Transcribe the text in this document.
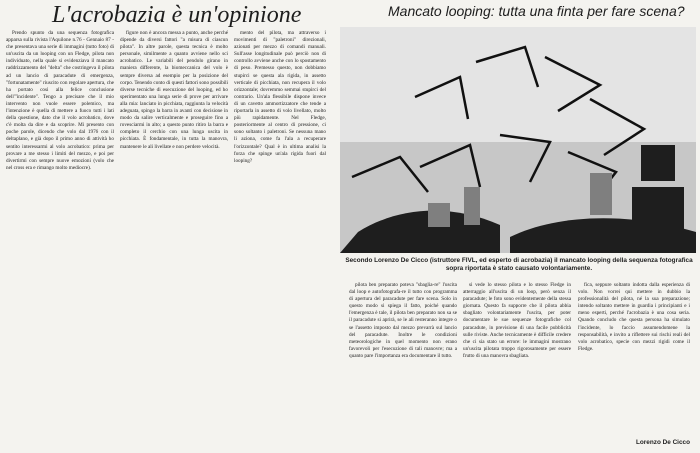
L'acrobazia è un'opinione	Mancato looping: tutta una finta per fare scena?

Prendo spunto da una sequenza fotografica apparsa sulla rivista l'Aquilone n.76 - Gennaio 87 - che presentava una serie di immagini (tutto foto) di un'uscita da un looping con un Fledge, pilota non individuato, nella quale si evidenziava il mancato raddrizzamento del "delta" che costringeva il pilota ad un lancio di paracadute di emergenza, "fortunatamente" riuscito con regolare apertura, che ha portato così alla felice conclusione dell'"incidente". Tengo a precisare che il mio intervento non vuole essere polemico, ma l'intenzione è quella di mettere a fuoco tutti i lati della questione, dato che il volo acrobatico, dove c'è molta da dire e da scoprire. Mi presento con poche parole, dicendo che volo dal 1976 con il deltaplano, e già dopo il primo anno di attività ho sentito interessarmi al volo acrobatico: prima per provare a me stesso i limiti del mezzo, e poi per divertirmi con sempre nuove emozioni (volo che nel cross era e rimango molto mediocre).

figure non è ancora messa a punto, anche perché dipende da diversi fattori "a misura di ciascun pilota". In altre parole, questa tecnica è molto personale, similmente a quanto avviene nello sci acrobatico. Le variabili del pendolo girano in maniera differente, la biomeccanica del volo è sempre diversa ad esempio per la posizione del corpo. Tenendo conto di questi fattori sono possibili diverse tecniche di esecuzione del looping, ed ho sperimentato una lunga serie di prove per arrivare alla mia: lanciato in picchiata, raggiunta la velocità adeguata, spingo la barra in avanti con decisione in modo da salire verticalmente e proseguire fino a rovesciarmi in alto; a questo punto ritiro la barra e completo il cerchio con una lunga uscita in picchiata. È fondamentale, in tutta la manovra, mantenere le ali livellate e non perdere velocità.

mento del pilota, ma attraverso i movimenti di "paletroni" direzionali, azionati per mezzo di comandi manuali. Sull'asse longitudinale può perciò non di controllo avviene anche con lo spostamento di peso. Premesso questo, non dobbiamo stupirci se questa ala rigida, in assetto verticale di picchiata, non recupera il volo orizzontale; dovremmo semmai stupirci del contrario. Un'ala flessibile dispone invece di un cavetto ammortizzatore che tende a riportarla in assetto di volo livellato, molto più rapidamente. Nel Fledge, posteriormente al centro di pressione, ci sono soltanto i paletroni. Se nessuna mano li aziona, come fa l'ala a recuperare l'orizzontale? Qual è in ultima analisi la forza che spinge un'ala rigida fuori dal looping?

Secondo Lorenzo De Cicco (istruttore FIVL, ed esperto di acrobazia) il mancato looping della sequenza fotografica sopra riportata è stato causato volontariamente.

pilota ben preparato poteva "sbaglia-re" l'uscita dal loop e autofotografa-re il tutto con programma di apertura del paracadute per fare scena. Solo in questo modo si spiega il fatto, poiché quando l'emergenza è tale, il pilota ben preparato non sa se il paracadute si aprirà, se le ali resteranno integre o se l'assetto imposto dal mezzo prevarrà sul lancio del paracadute. Inoltre le condizioni meteorologiche in quel momento non erano favorevoli per l'esecuzione di tali manovre; ma a quanto pare l'importanza era documentare il tutto.

si vede lo stesso pilota e lo stesso Fledge in atterraggio all'uscita di un loop, però senza il paracadute; le foto sono evidentemente della stessa giornata. Questo fa supporre che il pilota abbia sbagliato volontariamente l'uscita, per poter documentare le sue sequenze fotografiche col paracadute, in previsione di una facile pubblicità sulle riviste. Anche tecnicamente è difficile credere che ci sia stato un errore: le immagini mostrano un'uscita pilotata troppo rigorosamente per essere frutto di una manovra sbagliata.

fica, seppure soltanto indotta dalla esperienza di volo. Non vorrei qui mettere in dubbio la professionalità del pilota, né la sua preparazione; intendo soltanto mettere in guardia i principianti e i meno esperti, perché l'acrobazia è una cosa seria. Quando concludo che questa persona ha simulato l'incidente, lo faccio assumendomene la responsabilità, e invito a riflettere sui rischi reali del volo acrobatico, specie con mezzi rigidi come il Fledge.

Lorenzo De Cicco
